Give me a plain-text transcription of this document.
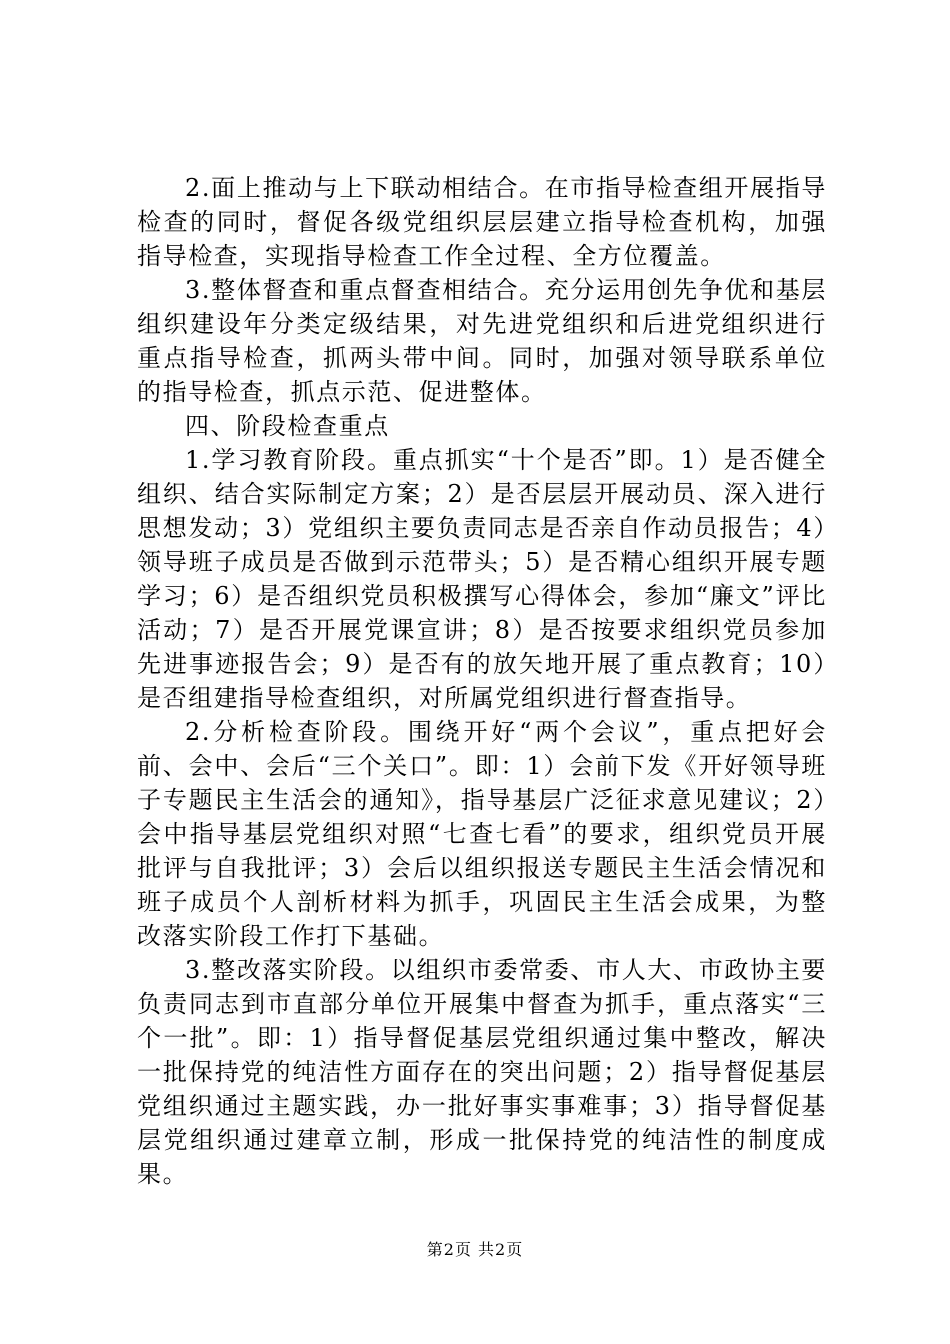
2.面上推动与上下联动相结合。在市指导检查组开展指导检查的同时，督促各级党组织层层建立指导检查机构，加强指导检查，实现指导检查工作全过程、全方位覆盖。

3.整体督查和重点督查相结合。充分运用创先争优和基层组织建设年分类定级结果，对先进党组织和后进党组织进行重点指导检查，抓两头带中间。同时，加强对领导联系单位的指导检查，抓点示范、促进整体。

四、阶段检查重点

1.学习教育阶段。重点抓实“十个是否”即。1）是否健全组织、结合实际制定方案；2）是否层层开展动员、深入进行思想发动；3）党组织主要负责同志是否亲自作动员报告；4）领导班子成员是否做到示范带头；5）是否精心组织开展专题学习；6）是否组织党员积极撰写心得体会，参加“廉文”评比活动；7）是否开展党课宣讲；8）是否按要求组织党员参加先进事迹报告会；9）是否有的放矢地开展了重点教育；10）是否组建指导检查组织，对所属党组织进行督查指导。

2.分析检查阶段。围绕开好“两个会议”，重点把好会前、会中、会后“三个关口”。即：1）会前下发《开好领导班子专题民主生活会的通知》，指导基层广泛征求意见建议；2）会中指导基层党组织对照“七查七看”的要求，组织党员开展批评与自我批评；3）会后以组织报送专题民主生活会情况和班子成员个人剖析材料为抓手，巩固民主生活会成果，为整改落实阶段工作打下基础。

3.整改落实阶段。以组织市委常委、市人大、市政协主要负责同志到市直部分单位开展集中督查为抓手，重点落实“三个一批”。即：1）指导督促基层党组织通过集中整改，解决一批保持党的纯洁性方面存在的突出问题；2）指导督促基层党组织通过主题实践，办一批好事实事难事；3）指导督促基层党组织通过建章立制，形成一批保持党的纯洁性的制度成果。

第2页 共2页
